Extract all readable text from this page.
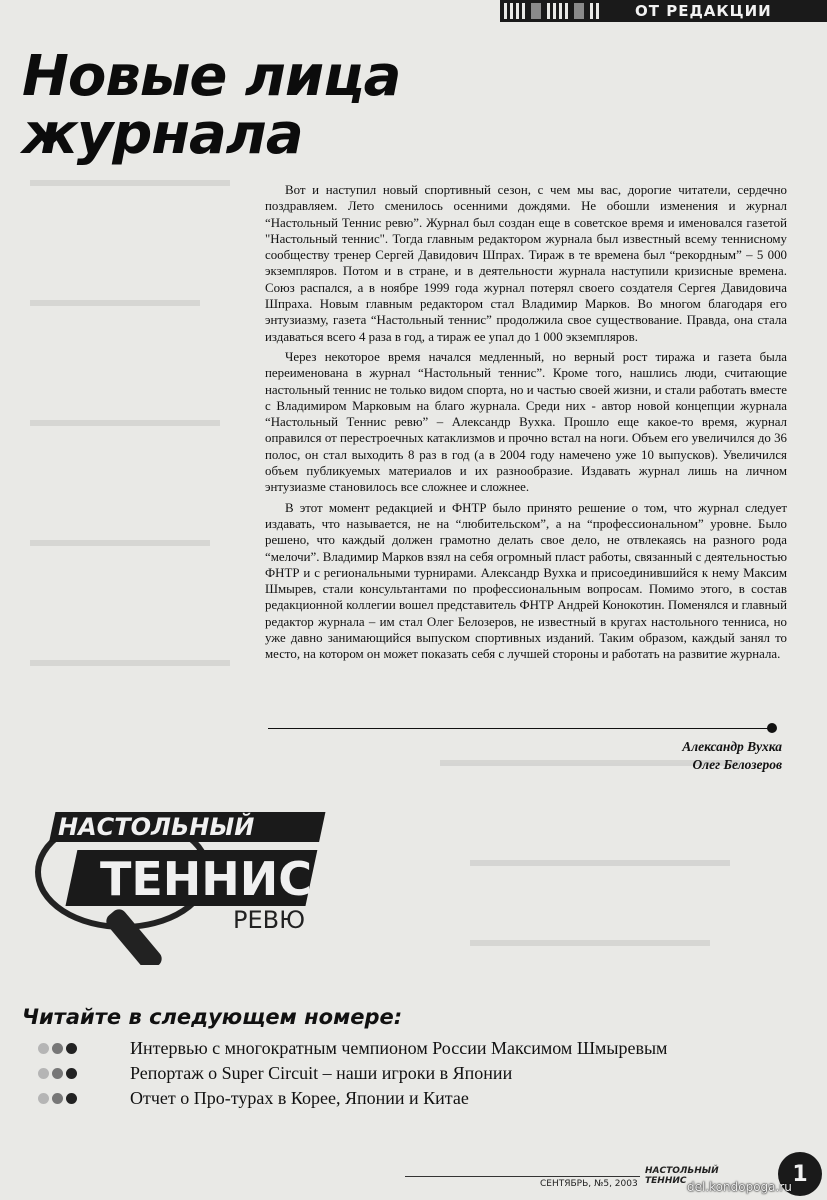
ОТ РЕДАКЦИИ
Новые лица
журнала

Вот и наступил новый спортивный сезон, с чем мы вас, дорогие читатели, сердечно поздравляем. Лето сменилось осенними дождями. Не обошли изменения и журнал “Настольный Теннис ревю”. Журнал был создан еще в советское время и именовался газетой "Настольный теннис". Тогда главным редактором журнала был известный всему теннисному сообществу тренер Сергей Давидович Шпрах. Тираж в те времена был “рекордным” – 5 000 экземпляров. Потом и в стране, и в деятельности журнала наступили кризисные времена. Союз распался, а в ноябре 1999 года журнал потерял своего создателя Сергея Давидовича Шпраха. Новым главным редактором стал Владимир Марков. Во многом благодаря его энтузиазму, газета “Настольный теннис” продолжила свое существование. Правда, она стала издаваться всего 4 раза в год, а тираж ее упал до 1 000 экземпляров.

Через некоторое время начался медленный, но верный рост тиража и газета была переименована в журнал “Настольный теннис”. Кроме того, нашлись люди, считающие настольный теннис не только видом спорта, но и частью своей жизни, и стали работать вместе с Владимиром Марковым на благо журнала. Среди них - автор новой концепции журнала “Настольный Теннис ревю” – Александр Вухка. Прошло еще какое-то время, журнал оправился от перестроечных катаклизмов и прочно встал на ноги. Объем его увеличился до 36 полос, он стал выходить 8 раз в год (а в 2004 году намечено уже 10 выпусков). Увеличился объем публикуемых материалов и их разнообразие. Издавать журнал лишь на личном энтузиазме становилось все сложнее и сложнее.

В этот момент редакцией и ФНТР было принято решение о том, что журнал следует издавать, что называется, не на “любительском”, а на “профессиональном” уровне. Было решено, что каждый должен грамотно делать свое дело, не отвлекаясь на разного рода “мелочи”. Владимир Марков взял на себя огромный пласт работы, связанный с деятельностью ФНТР и с региональными турнирами. Александр Вухка и присоединившийся к нему Максим Шмырев, стали консультантами по профессиональным вопросам. Помимо этого, в состав редакционной коллегии вошел представитель ФНТР Андрей Конокотин. Поменялся и главный редактор журнала – им стал Олег Белозеров, не известный в кругах настольного тенниса, но уже давно занимающийся выпуском спортивных изданий. Таким образом, каждый занял то место, на котором он может показать себя с лучшей стороны и работать на развитие журнала.

Александр Вухка
Олег Белозеров
НАСТОЛЬНЫЙ
ТЕННИС
РЕВЮ
Читайте в следующем номере:
Интервью с многократным чемпионом России Максимом Шмыревым
Репортаж о Super Circuit – наши игроки в Японии
Отчет о Про-турах в Корее, Японии и Китае
СЕНТЯБРЬ, №5, 2003
НАСТОЛЬНЫЙ
ТЕННИС	1
del.kondopoga.ru
